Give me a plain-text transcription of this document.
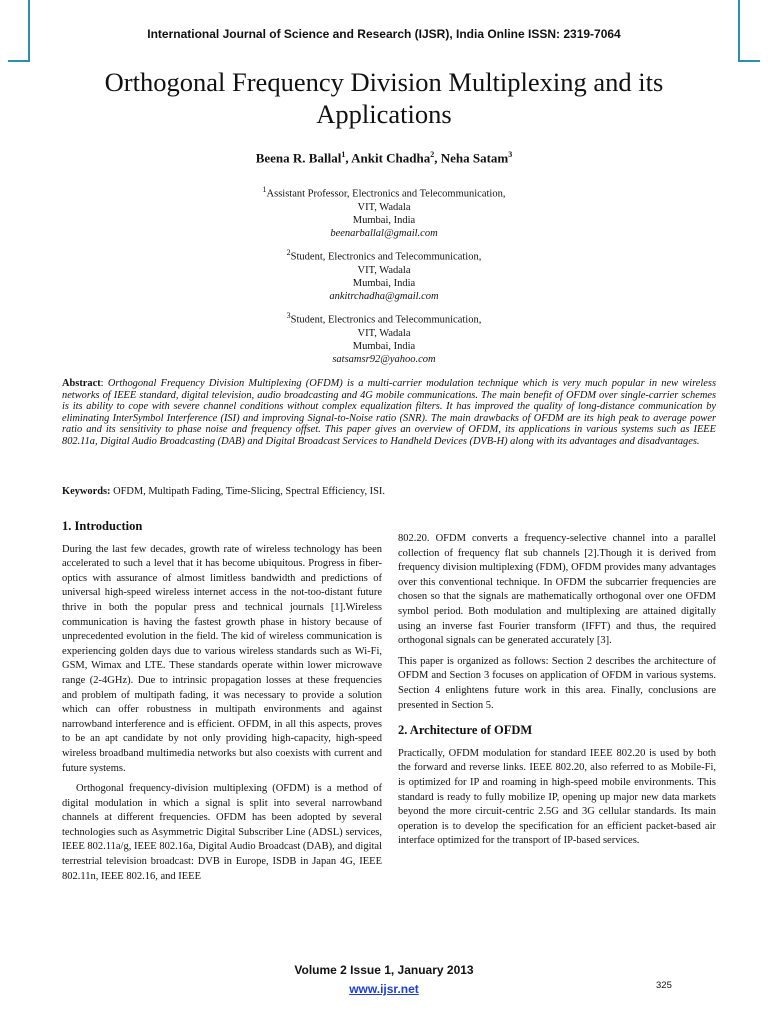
International Journal of Science and Research (IJSR), India Online ISSN: 2319-7064
Orthogonal Frequency Division Multiplexing and its Applications
Beena R. Ballal$^1$, Ankit Chadha$^2$, Neha Satam$^3$
$^1$Assistant Professor, Electronics and Telecommunication,
VIT, Wadala
Mumbai, India
beenarballal@gmail.com
$^2$Student, Electronics and Telecommunication,
VIT, Wadala
Mumbai, India
ankitrchadha@gmail.com
$^3$Student, Electronics and Telecommunication,
VIT, Wadala
Mumbai, India
satsamsr92@yahoo.com
Abstract: Orthogonal Frequency Division Multiplexing (OFDM) is a multi-carrier modulation technique which is very much popular in new wireless networks of IEEE standard, digital television, audio broadcasting and 4G mobile communications. The main benefit of OFDM over single-carrier schemes is its ability to cope with severe channel conditions without complex equalization filters. It has improved the quality of long-distance communication by eliminating InterSymbol Interference (ISI) and improving Signal-to-Noise ratio (SNR). The main drawbacks of OFDM are its high peak to average power ratio and its sensitivity to phase noise and frequency offset. This paper gives an overview of OFDM, its applications in various systems such as IEEE 802.11a, Digital Audio Broadcasting (DAB) and Digital Broadcast Services to Handheld Devices (DVB-H) along with its advantages and disadvantages.
Keywords: OFDM, Multipath Fading, Time-Slicing, Spectral Efficiency, ISI.
1. Introduction

During the last few decades, growth rate of wireless technology has been accelerated to such a level that it has become ubiquitous. Progress in fiber-optics with assurance of almost limitless bandwidth and predictions of universal high-speed wireless internet access in the not-too-distant future thrive in both the popular press and technical journals [1].Wireless communication is having the fastest growth phase in history because of unprecedented evolution in the field. The kid of wireless communication is experiencing golden days due to various wireless standards such as Wi-Fi, GSM, Wimax and LTE. These standards operate within lower microwave range (2-4GHz). Due to intrinsic propagation losses at these frequencies and problem of multipath fading, it was necessary to provide a solution which can offer robustness in multipath environments and against narrowband interference and is efficient. OFDM, in all this aspects, proves to be an apt candidate by not only providing high-capacity, high-speed wireless broadband multimedia networks but also coexists with current and future systems.

Orthogonal frequency-division multiplexing (OFDM) is a method of digital modulation in which a signal is split into several narrowband channels at different frequencies. OFDM has been adopted by several technologies such as Asymmetric Digital Subscriber Line (ADSL) services, IEEE 802.11a/g, IEEE 802.16a, Digital Audio Broadcast (DAB), and digital terrestrial television broadcast: DVB in Europe, ISDB in Japan 4G, IEEE 802.11n, IEEE 802.16, and IEEE

802.20. OFDM converts a frequency-selective channel into a parallel collection of frequency flat sub channels [2].Though it is derived from frequency division multiplexing (FDM), OFDM provides many advantages over this conventional technique. In OFDM the subcarrier frequencies are chosen so that the signals are mathematically orthogonal over one OFDM symbol period. Both modulation and multiplexing are attained digitally using an inverse fast Fourier transform (IFFT) and thus, the required orthogonal signals can be generated accurately [3].

This paper is organized as follows: Section 2 describes the architecture of OFDM and Section 3 focuses on application of OFDM in various systems. Section 4 enlightens future work in this area. Finally, conclusions are presented in Section 5.

2. Architecture of OFDM

Practically, OFDM modulation for standard IEEE 802.20 is used by both the forward and reverse links. IEEE 802.20, also referred to as Mobile-Fi, is optimized for IP and roaming in high-speed mobile environments. This standard is ready to fully mobilize IP, opening up major new data markets beyond the more circuit-centric 2.5G and 3G cellular standards. Its main operation is to develop the specification for an efficient packet-based air interface optimized for the transport of IP-based services.

Volume 2 Issue 1, January 2013
www.ijsr.net	325
